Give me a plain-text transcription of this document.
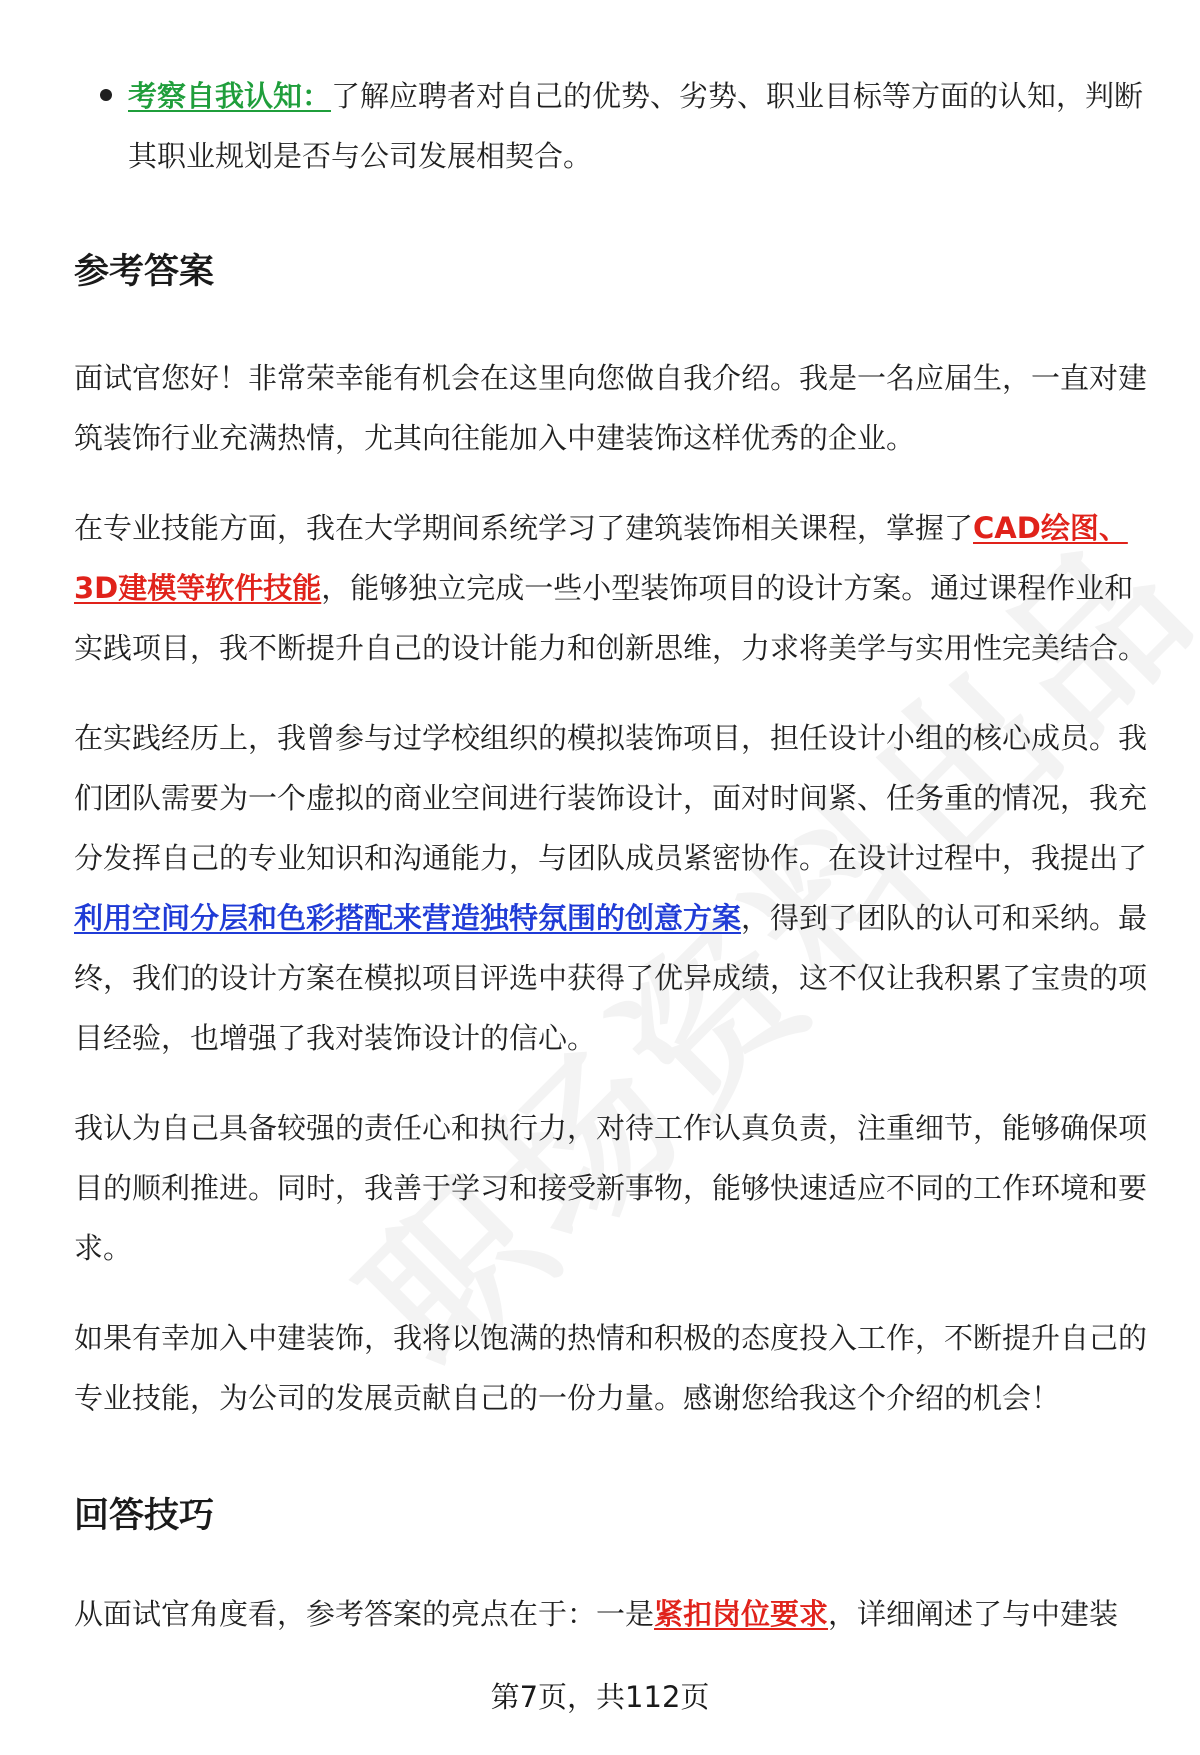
考察自我认知：了解应聘者对自己的优势、劣势、职业目标等方面的认知，判断其职业规划是否与公司发展相契合。

参考答案

面试官您好！非常荣幸能有机会在这里向您做自我介绍。我是一名应届生，一直对建筑装饰行业充满热情，尤其向往能加入中建装饰这样优秀的企业。

在专业技能方面，我在大学期间系统学习了建筑装饰相关课程，掌握了CAD绘图、3D建模等软件技能，能够独立完成一些小型装饰项目的设计方案。通过课程作业和实践项目，我不断提升自己的设计能力和创新思维，力求将美学与实用性完美结合。

在实践经历上，我曾参与过学校组织的模拟装饰项目，担任设计小组的核心成员。我们团队需要为一个虚拟的商业空间进行装饰设计，面对时间紧、任务重的情况，我充分发挥自己的专业知识和沟通能力，与团队成员紧密协作。在设计过程中，我提出了利用空间分层和色彩搭配来营造独特氛围的创意方案，得到了团队的认可和采纳。最终，我们的设计方案在模拟项目评选中获得了优异成绩，这不仅让我积累了宝贵的项目经验，也增强了我对装饰设计的信心。

我认为自己具备较强的责任心和执行力，对待工作认真负责，注重细节，能够确保项目的顺利推进。同时，我善于学习和接受新事物，能够快速适应不同的工作环境和要求。

如果有幸加入中建装饰，我将以饱满的热情和积极的态度投入工作，不断提升自己的专业技能，为公司的发展贡献自己的一份力量。感谢您给我这个介绍的机会！

回答技巧

从面试官角度看，参考答案的亮点在于：一是紧扣岗位要求，详细阐述了与中建装

第7页，共112页
